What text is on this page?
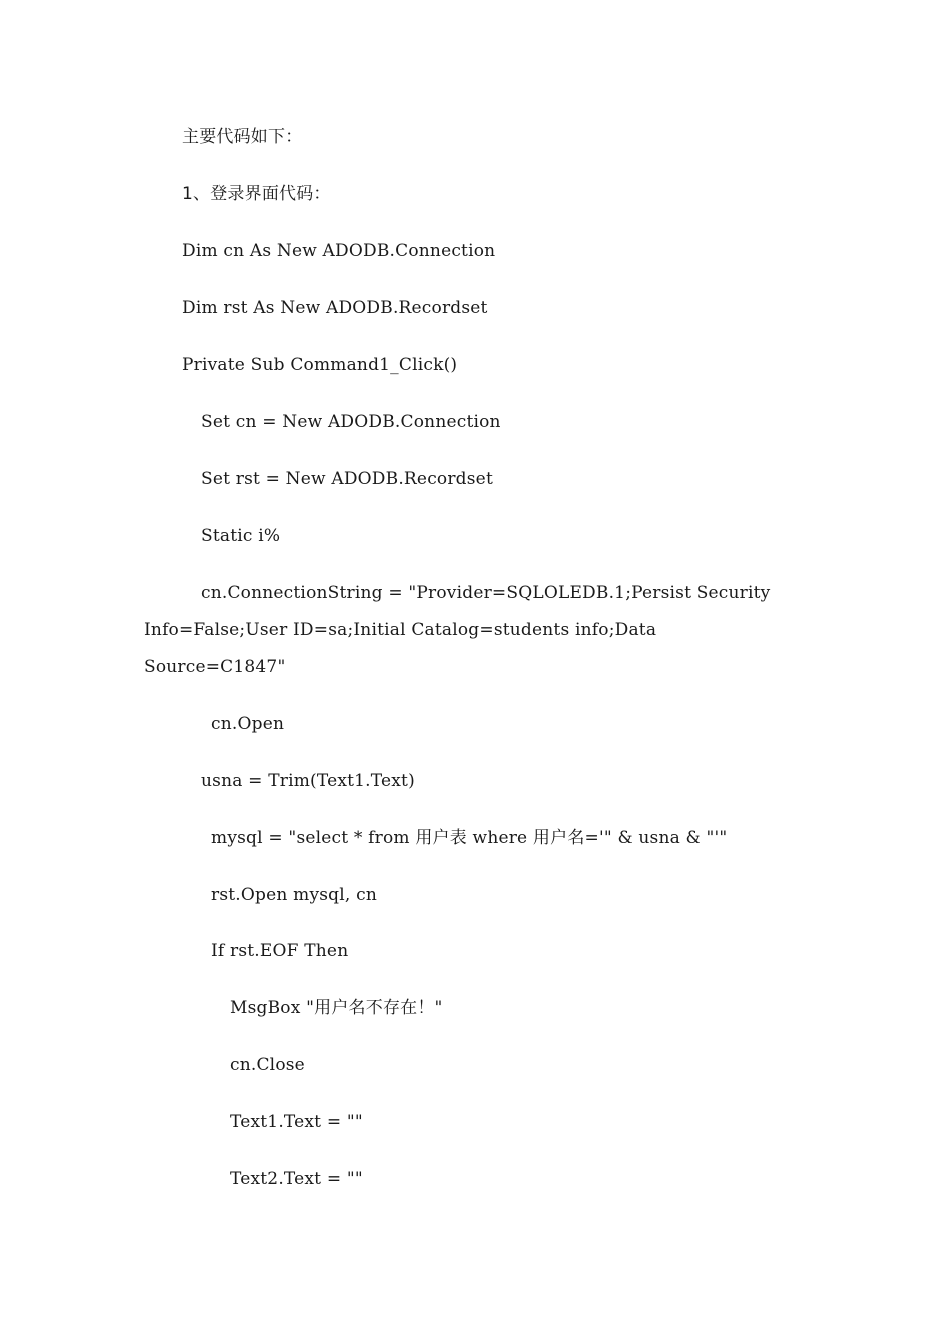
主要代码如下：
1、登录界面代码：
Dim cn As New ADODB.Connection
Dim rst As New ADODB.Recordset
Private Sub Command1_Click()
Set cn = New ADODB.Connection
Set rst = New ADODB.Recordset
Static i%
cn.ConnectionString = "Provider=SQLOLEDB.1;Persist Security
Info=False;User ID=sa;Initial Catalog=students info;Data
Source=C1847"
cn.Open
usna = Trim(Text1.Text)
mysql = "select * from 用户表 where 用户名='" & usna & "'"
rst.Open mysql, cn
If rst.EOF Then
MsgBox "用户名不存在！"
cn.Close
Text1.Text = ""
Text2.Text = ""
